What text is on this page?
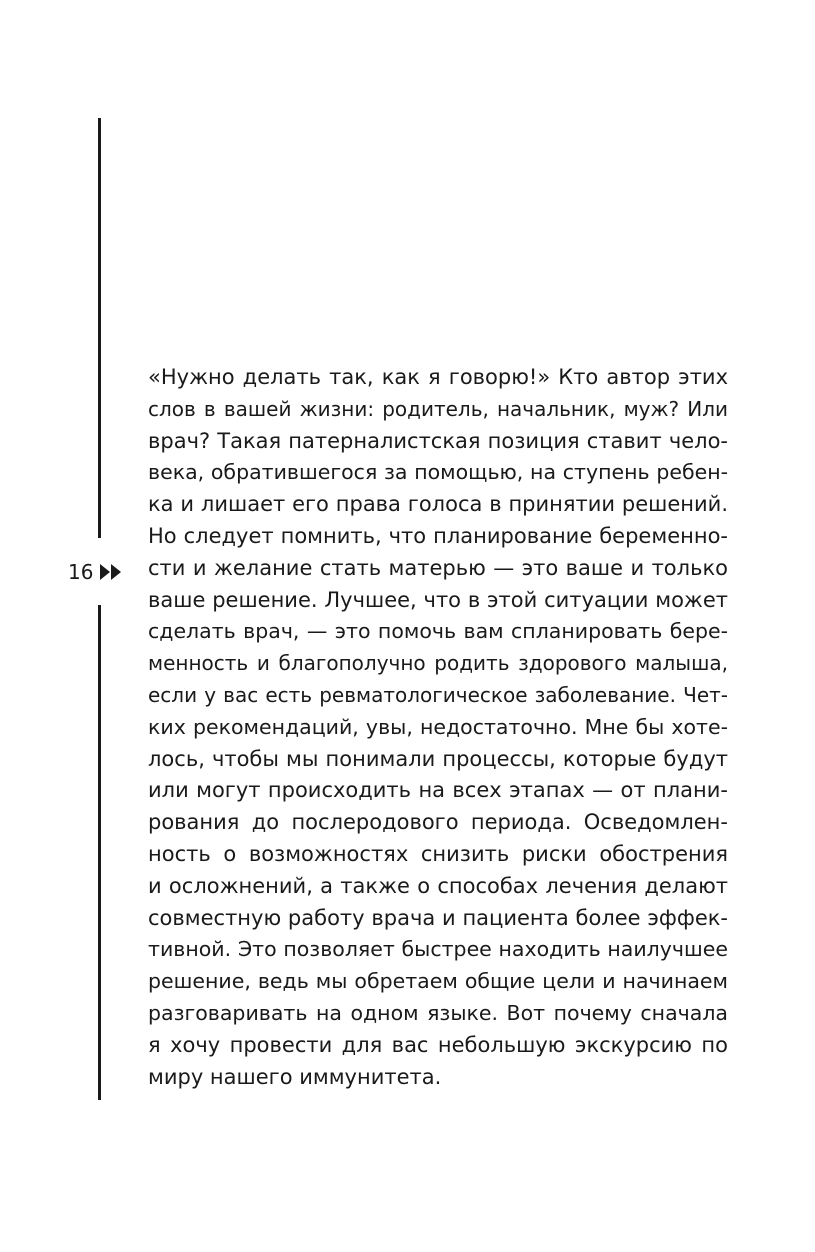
16
«Нужно делать так, как я говорю!» Кто автор этих
слов в вашей жизни: родитель, начальник, муж? Или
врач? Такая патерналистская позиция ставит чело-
века, обратившегося за помощью, на ступень ребен-
ка и лишает его права голоса в принятии решений.
Но следует помнить, что планирование беременно-
сти и желание стать матерью — это ваше и только
ваше решение. Лучшее, что в этой ситуации может
сделать врач, — это помочь вам спланировать бере-
менность и благополучно родить здорового малыша,
если у вас есть ревматологическое заболевание. Чет-
ких рекомендаций, увы, недостаточно. Мне бы хоте-
лось, чтобы мы понимали процессы, которые будут
или могут происходить на всех этапах — от плани-
рования до послеродового периода. Осведомлен-
ность о возможностях снизить риски обострения
и осложнений, а также о способах лечения делают
совместную работу врача и пациента более эффек-
тивной. Это позволяет быстрее находить наилучшее
решение, ведь мы обретаем общие цели и начинаем
разговаривать на одном языке. Вот почему сначала
я хочу провести для вас небольшую экскурсию по
миру нашего иммунитета.
